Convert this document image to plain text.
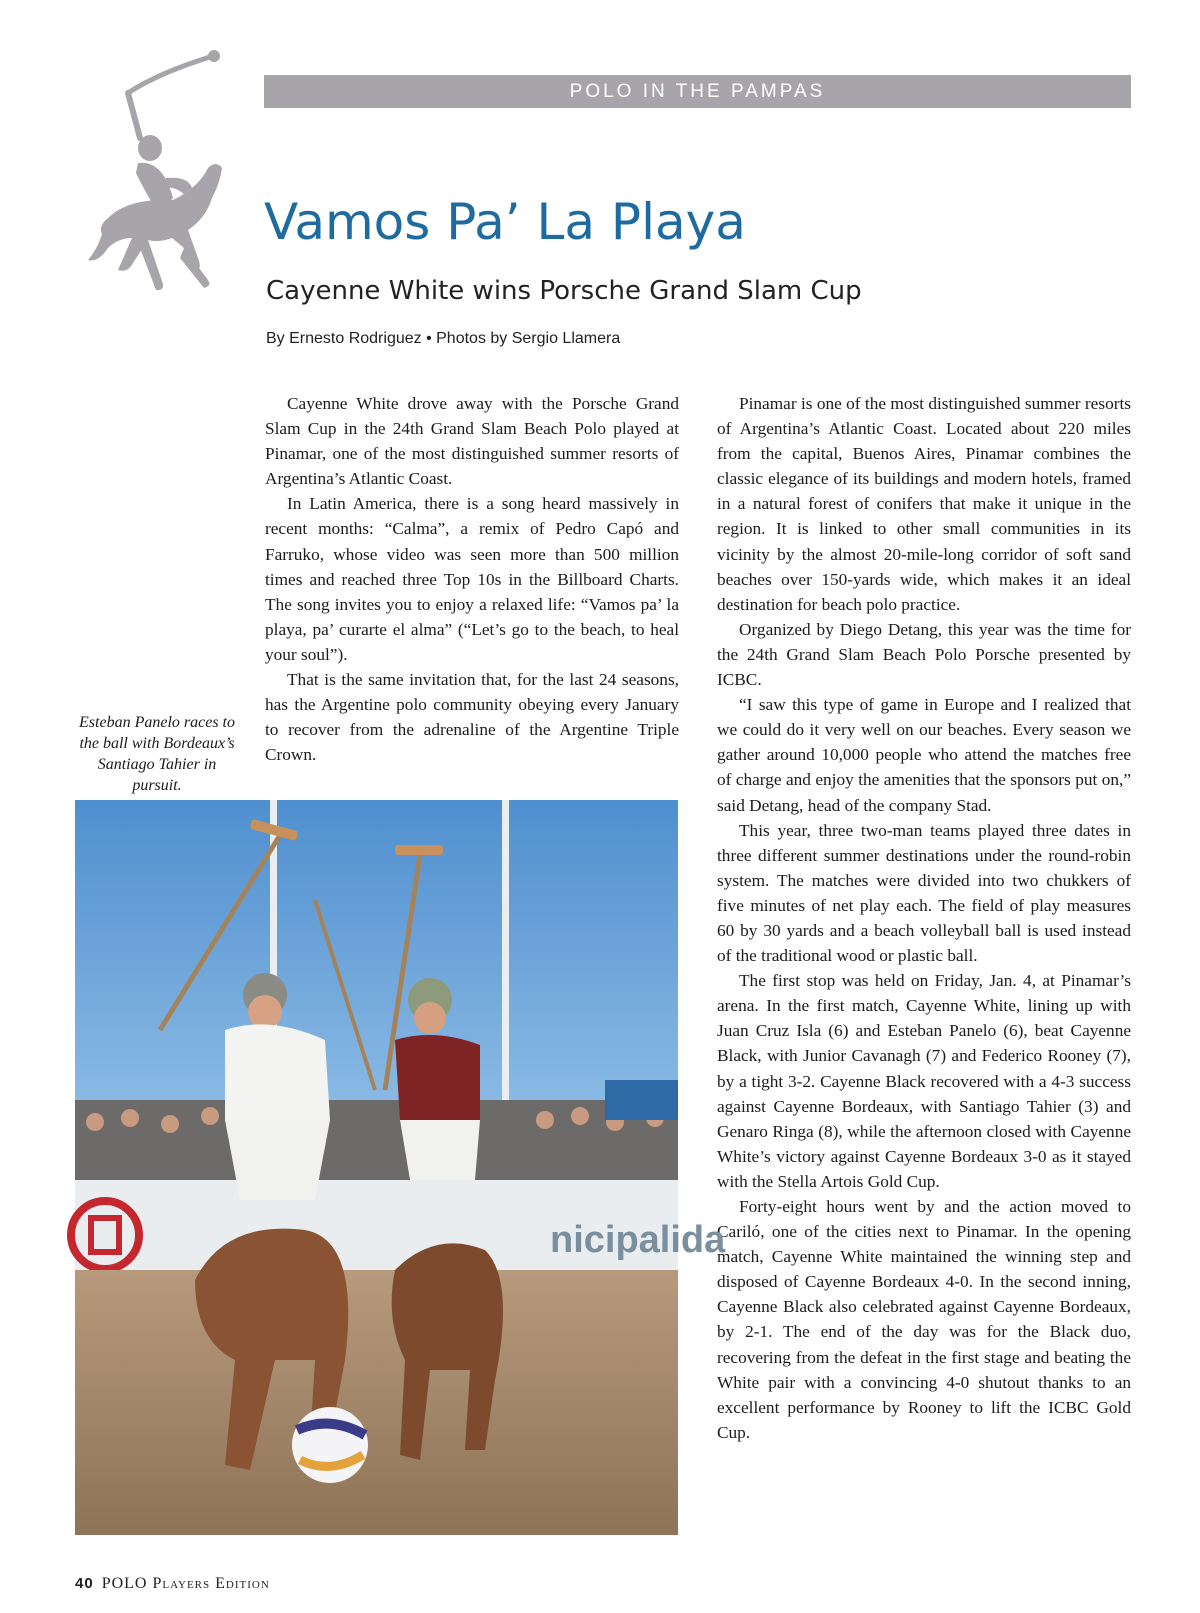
POLO IN THE PAMPAS
Vamos Pa’ La Playa
Cayenne White wins Porsche Grand Slam Cup
By Ernesto Rodriguez • Photos by Sergio Llamera

Cayenne White drove away with the Porsche Grand Slam Cup in the 24th Grand Slam Beach Polo played at Pinamar, one of the most distinguished summer resorts of Argentina’s Atlantic Coast.

In Latin America, there is a song heard massively in recent months: “Calma”, a remix of Pedro Capó and Farruko, whose video was seen more than 500 million times and reached three Top 10s in the Billboard Charts. The song invites you to enjoy a relaxed life: “Vamos pa’ la playa, pa’ curarte el alma” (“Let’s go to the beach, to heal your soul”).

That is the same invitation that, for the last 24 seasons, has the Argentine polo community obeying every January to recover from the adrenaline of the Argentine Triple Crown.

Pinamar is one of the most distinguished summer resorts of Argentina’s Atlantic Coast. Located about 220 miles from the capital, Buenos Aires, Pinamar combines the classic elegance of its buildings and modern hotels, framed in a natural forest of conifers that make it unique in the region. It is linked to other small communities in its vicinity by the almost 20-mile-long corridor of soft sand beaches over 150-yards wide, which makes it an ideal destination for beach polo practice.

Organized by Diego Detang, this year was the time for the 24th Grand Slam Beach Polo Porsche presented by ICBC.

“I saw this type of game in Europe and I realized that we could do it very well on our beaches. Every season we gather around 10,000 people who attend the matches free of charge and enjoy the amenities that the sponsors put on,” said Detang, head of the company Stad.

This year, three two-man teams played three dates in three different summer destinations under the round-robin system. The matches were divided into two chukkers of five minutes of net play each. The field of play measures 60 by 30 yards and a beach volleyball ball is used instead of the traditional wood or plastic ball.

The first stop was held on Friday, Jan. 4, at Pinamar’s arena. In the first match, Cayenne White, lining up with Juan Cruz Isla (6) and Esteban Panelo (6), beat Cayenne Black, with Junior Cavanagh (7) and Federico Rooney (7), by a tight 3-2. Cayenne Black recovered with a 4-3 success against Cayenne Bordeaux, with Santiago Tahier (3) and Genaro Ringa (8), while the afternoon closed with Cayenne White’s victory against Cayenne Bordeaux 3-0 as it stayed with the Stella Artois Gold Cup.

Forty-eight hours went by and the action moved to Cariló, one of the cities next to Pinamar. In the opening match, Cayenne White maintained the winning step and disposed of Cayenne Bordeaux 4-0. In the second inning, Cayenne Black also celebrated against Cayenne Bordeaux, by 2-1. The end of the day was for the Black duo, recovering from the defeat in the first stage and beating the White pair with a convincing 4-0 shutout thanks to an excellent performance by Rooney to lift the ICBC Gold Cup.

Esteban Panelo races to the ball with Bordeaux’s Santiago Tahier in pursuit.
nicipalida
40 POLO Players Edition
